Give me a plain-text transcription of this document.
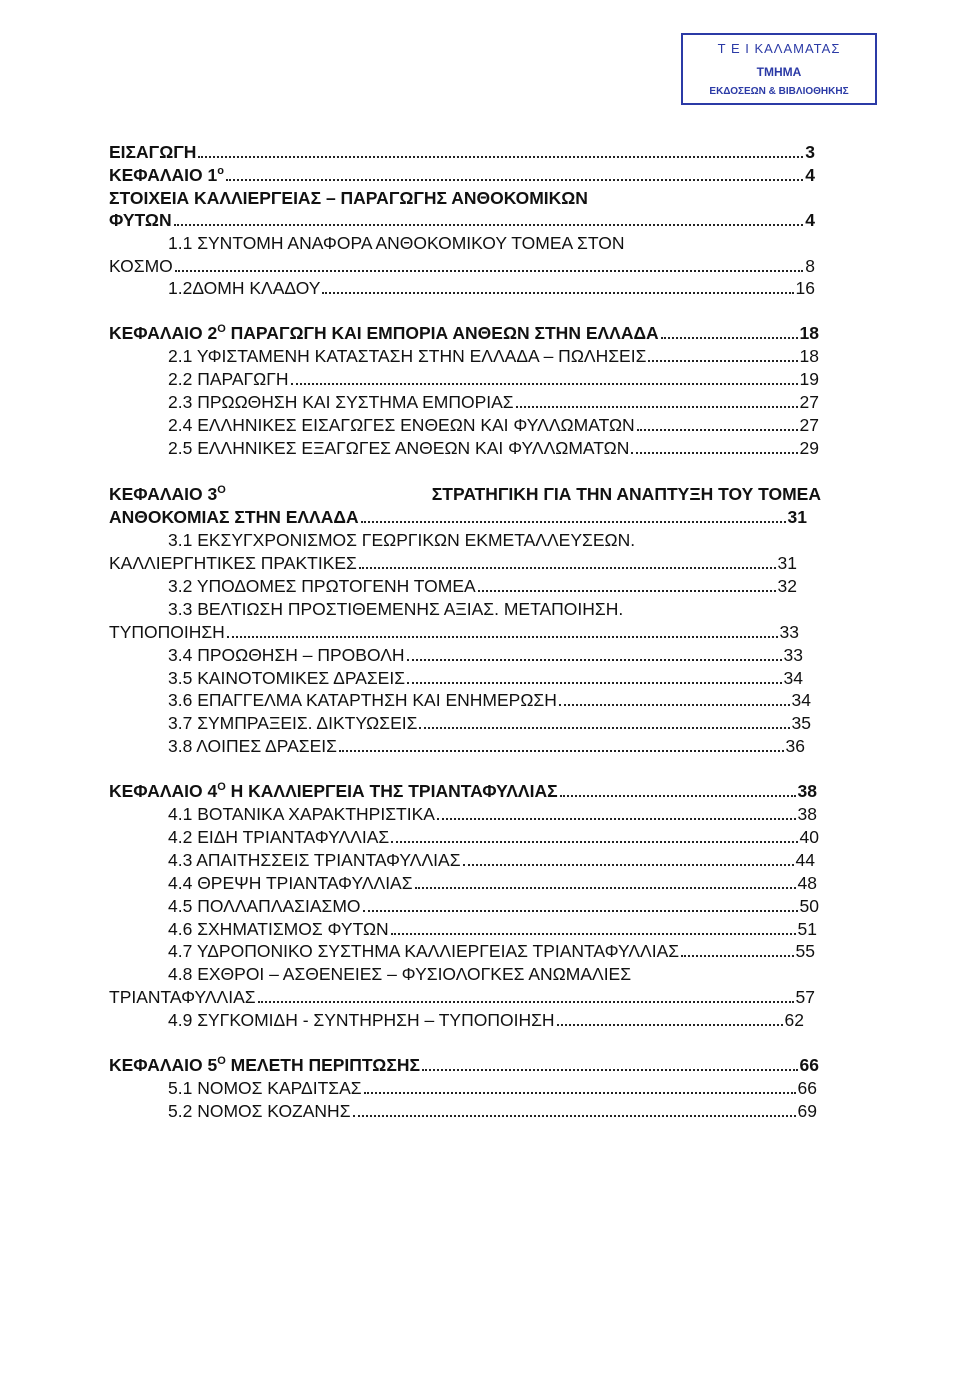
Τ Ε Ι ΚΑΛΑΜΑΤΑΣ
ΤΜΗΜΑ
ΕΚΔΟΣΕΩΝ & ΒΙΒΛΙΟΘΗΚΗΣ
ΕΙΣΑΓΩΓΗ	3
ΚΕΦΑΛΑΙΟ $1^o$	4
ΣΤΟΙΧΕΙΑ ΚΑΛΛΙΕΡΓΕΙΑΣ – ΠΑΡΑΓΩΓΗΣ ΑΝΘΟΚΟΜΙΚΩΝ
ΦΥΤΩΝ	4
1.1 ΣΥΝΤΟΜΗ ΑΝΑΦΟΡΑ ΑΝΘΟΚΟΜΙΚΟΥ ΤΟΜΕΑ ΣΤΟΝ
ΚΟΣΜΟ	8
1.2ΔΟΜΗ ΚΛΑΔΟΥ	16
ΚΕΦΑΛΑΙΟ $2^O$ ΠΑΡΑΓΩΓΗ ΚΑΙ ΕΜΠΟΡΙΑ ΑΝΘΕΩΝ ΣΤΗΝ ΕΛΛΑΔΑ	18
2.1 ΥΦΙΣΤΑΜΕΝΗ ΚΑΤΑΣΤΑΣΗ ΣΤΗΝ ΕΛΛΑΔΑ – ΠΩΛΗΣΕΙΣ	18
2.2 ΠΑΡΑΓΩΓΗ	19
2.3 ΠΡΩΩΘΗΣΗ ΚΑΙ ΣΥΣΤΗΜΑ ΕΜΠΟΡΙΑΣ	27
2.4 ΕΛΛΗΝΙΚΕΣ ΕΙΣΑΓΩΓΕΣ ΕΝΘΕΩΝ ΚΑΙ ΦΥΛΛΩΜΑΤΩΝ	27
2.5 ΕΛΛΗΝΙΚΕΣ ΕΞΑΓΩΓΕΣ ΑΝΘΕΩΝ ΚΑΙ ΦΥΛΛΩΜΑΤΩΝ	29
ΚΕΦΑΛΑΙΟ $3^O$	ΣΤΡΑΤΗΓΙΚΗ ΓΙΑ ΤΗΝ ΑΝΑΠΤΥΞΗ ΤΟΥ ΤΟΜΕΑ
ΑΝΘΟΚΟΜΙΑΣ ΣΤΗΝ ΕΛΛΑΔΑ	31
3.1 ΕΚΣΥΓΧΡΟΝΙΣΜΟΣ ΓΕΩΡΓΙΚΩΝ ΕΚΜΕΤΑΛΛΕΥΣΕΩΝ.
ΚΑΛΛΙΕΡΓΗΤΙΚΕΣ ΠΡΑΚΤΙΚΕΣ	31
3.2 ΥΠΟΔΟΜΕΣ ΠΡΩΤΟΓΕΝΗ ΤΟΜΕΑ	32
3.3 ΒΕΛΤΙΩΣΗ ΠΡΟΣΤΙΘΕΜΕΝΗΣ ΑΞΙΑΣ. ΜΕΤΑΠΟΙΗΣΗ.
ΤΥΠΟΠΟΙΗΣΗ	33
3.4 ΠΡΟΩΘΗΣΗ – ΠΡΟΒΟΛΗ	33
3.5 ΚΑΙΝΟΤΟΜΙΚΕΣ ΔΡΑΣΕΙΣ	34
3.6 ΕΠΑΓΓΕΛΜΑ ΚΑΤΑΡΤΗΣΗ ΚΑΙ ΕΝΗΜΕΡΩΣΗ	34
3.7 ΣΥΜΠΡΑΞΕΙΣ. ΔΙΚΤΥΩΣΕΙΣ	35
3.8 ΛΟΙΠΕΣ ΔΡΑΣΕΙΣ	36
ΚΕΦΑΛΑΙΟ $4^O$ Η ΚΑΛΛΙΕΡΓΕΙΑ ΤΗΣ ΤΡΙΑΝΤΑΦΥΛΛΙΑΣ	38
4.1 ΒΟΤΑΝΙΚΑ ΧΑΡΑΚΤΗΡΙΣΤΙΚΑ	38
4.2 ΕΙΔΗ ΤΡΙΑΝΤΑΦΥΛΛΙΑΣ	40
4.3 ΑΠΑΙΤΗΣΣΕΙΣ ΤΡΙΑΝΤΑΦΥΛΛΙΑΣ	44
4.4 ΘΡΕΨΗ ΤΡΙΑΝΤΑΦΥΛΛΙΑΣ	48
4.5 ΠΟΛΛΑΠΛΑΣΙΑΣΜΟ	50
4.6 ΣΧΗΜΑΤΙΣΜΟΣ ΦΥΤΩΝ	51
4.7 ΥΔΡΟΠΟΝΙΚΟ ΣΥΣΤΗΜΑ ΚΑΛΛΙΕΡΓΕΙΑΣ ΤΡΙΑΝΤΑΦΥΛΛΙΑΣ	55
4.8 ΕΧΘΡΟΙ – ΑΣΘΕΝΕΙΕΣ – ΦΥΣΙΟΛΟΓΚΕΣ ΑΝΩΜΑΛΙΕΣ
ΤΡΙΑΝΤΑΦΥΛΛΙΑΣ	57
4.9 ΣΥΓΚΟΜΙΔΗ - ΣΥΝΤΗΡΗΣΗ – ΤΥΠΟΠΟΙΗΣΗ	62
ΚΕΦΑΛΑΙΟ $5^O$ ΜΕΛΕΤΗ ΠΕΡΙΠΤΩΣΗΣ	66
5.1 ΝΟΜΟΣ ΚΑΡΔΙΤΣΑΣ	66
5.2 ΝΟΜΟΣ ΚΟΖΑΝΗΣ	69
